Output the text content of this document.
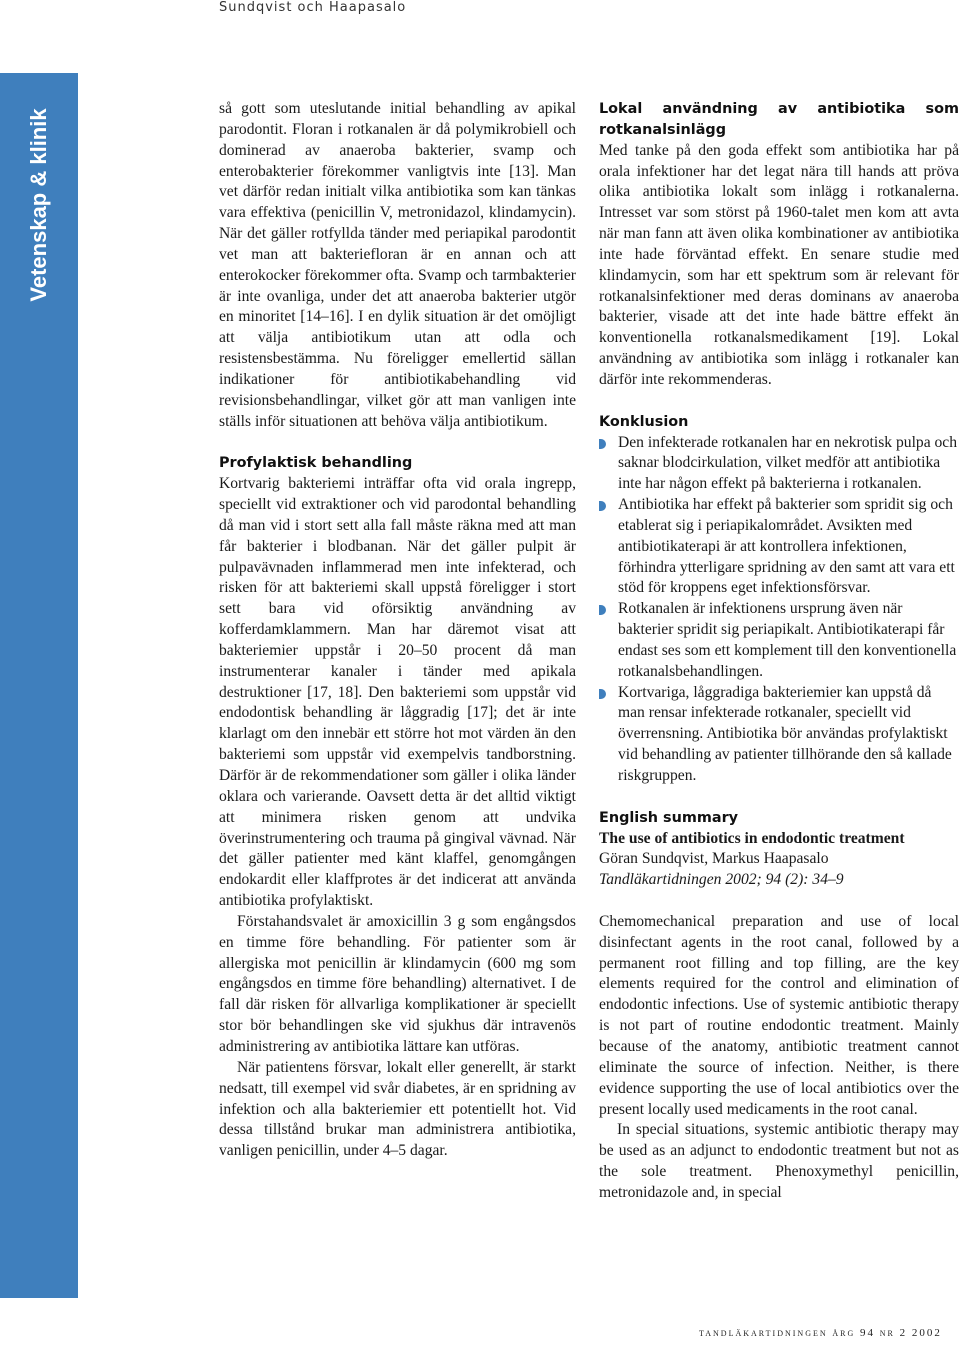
Sundqvist och Haapasalo
Vetenskap & klinik	så gott som uteslutande initial behandling av apikal parodontit. Floran i rotkanalen är då polymikrobiell och dominerad av anaeroba bakterier, svamp och enterobakterier förekommer vanligtvis inte [13]. Man vet därför redan initialt vilka antibiotika som kan tänkas vara effektiva (penicillin V, metronidazol, klindamycin). När det gäller rotfyllda tänder med periapikal parodontit vet man att bakteriefloran är en annan och att enterokocker förekommer ofta. Svamp och tarmbakterier är inte ovanliga, under det att anaeroba bakterier utgör en minoritet [14–16]. I en dylik situation är det omöjligt att välja antibiotikum utan att odla och resistensbestämma. Nu föreligger emellertid sällan indikationer för antibiotikabehandling vid revisionsbehandlingar, vilket gör att man vanligen inte ställs inför situationen att behöva välja antibiotikum.

Profylaktisk behandling

Kortvarig bakteriemi inträffar ofta vid orala ingrepp, speciellt vid extraktioner och vid parodontal behandling då man vid i stort sett alla fall måste räkna med att man får bakterier i blodbanan. När det gäller pulpit är pulpavävnaden inflammerad men inte infekterad, och risken för att bakteriemi skall uppstå föreligger i stort sett bara vid oförsiktig användning av kofferdamklammern. Man har däremot visat att bakteriemier uppstår i 20–50 procent då man instrumenterar kanaler i tänder med apikala destruktioner [17, 18]. Den bakteriemi som uppstår vid endodontisk behandling är låggradig [17]; det är inte klarlagt om den innebär ett större hot mot värden än den bakteriemi som uppstår vid exempelvis tandborstning. Därför är de rekommendationer som gäller i olika länder oklara och varierande. Oavsett detta är det alltid viktigt att minimera risken genom att undvika överinstrumentering och trauma på gingival vävnad. När det gäller patienter med känt klaffel, genomgången endokardit eller klaffprotes är det indicerat att använda antibiotika profylaktiskt.

Förstahandsvalet är amoxicillin 3 g som engångsdos en timme före behandling. För patienter som är allergiska mot penicillin är klindamycin (600 mg som engångsdos en timme före behandling) alternativet. I de fall där risken för allvarliga komplikationer är speciellt stor bör behandlingen ske vid sjukhus där intravenös administrering av antibiotika lättare kan utföras.

När patientens försvar, lokalt eller generellt, är starkt nedsatt, till exempel vid svår diabetes, är en spridning av infektion och alla bakteriemier ett potentiellt hot. Vid dessa tillstånd brukar man administrera antibiotika, vanligen penicillin, under 4–5 dagar.

Lokal användning av antibiotika som rotkanalsinlägg

Med tanke på den goda effekt som antibiotika har på orala infektioner har det legat nära till hands att pröva olika antibiotika lokalt som inlägg i rotkanalerna. Intresset var som störst på 1960-talet men kom att avta när man fann att även olika kombinationer av antibiotika inte hade förväntad effekt. En senare studie med klindamycin, som har ett spektrum som är relevant för rotkanalsinfektioner med deras dominans av anaeroba bakterier, visade att det inte hade bättre effekt än konventionella rotkanalsmedikament [19]. Lokal användning av antibiotika som inlägg i rotkanaler kan därför inte rekommenderas.

Konklusion
Den infekterade rotkanalen har en nekrotisk pulpa och saknar blodcirkulation, vilket medför att antibiotika inte har någon effekt på bakterierna i rotkanalen.
Antibiotika har effekt på bakterier som spridit sig och etablerat sig i periapikalområdet. Avsikten med antibiotikaterapi är att kontrollera infektionen, förhindra ytterligare spridning av den samt att vara ett stöd för kroppens eget infektionsförsvar.
Rotkanalen är infektionens ursprung även när bakterier spridit sig periapikalt. Antibiotikaterapi får endast ses som ett komplement till den konventionella rotkanalsbehandlingen.
Kortvariga, låggradiga bakteriemier kan uppstå då man rensar infekterade rotkanaler, speciellt vid överrensning. Antibiotika bör användas profylaktiskt vid behandling av patienter tillhörande den så kallade riskgruppen.
English summary
The use of antibiotics in endodontic treatment
Göran Sundqvist, Markus Haapasalo
Tandläkartidningen 2002; 94 (2): 34–9

Chemomechanical preparation and use of local disinfectant agents in the root canal, followed by a permanent root filling and top filling, are the key elements required for the control and elimination of endodontic infections. Use of systemic antibiotic therapy is not part of routine endodontic treatment. Mainly because of the anatomy, antibiotic treatment cannot eliminate the source of infection. Neither, is there evidence supporting the use of local antibiotics over the present locally used medicaments in the root canal.

In special situations, systemic antibiotic therapy may be used as an adjunct to endodontic treatment but not as the sole treatment. Phenoxymethyl penicillin, metronidazole and, in special

tandläkartidningen årg 94 nr 2 2002
